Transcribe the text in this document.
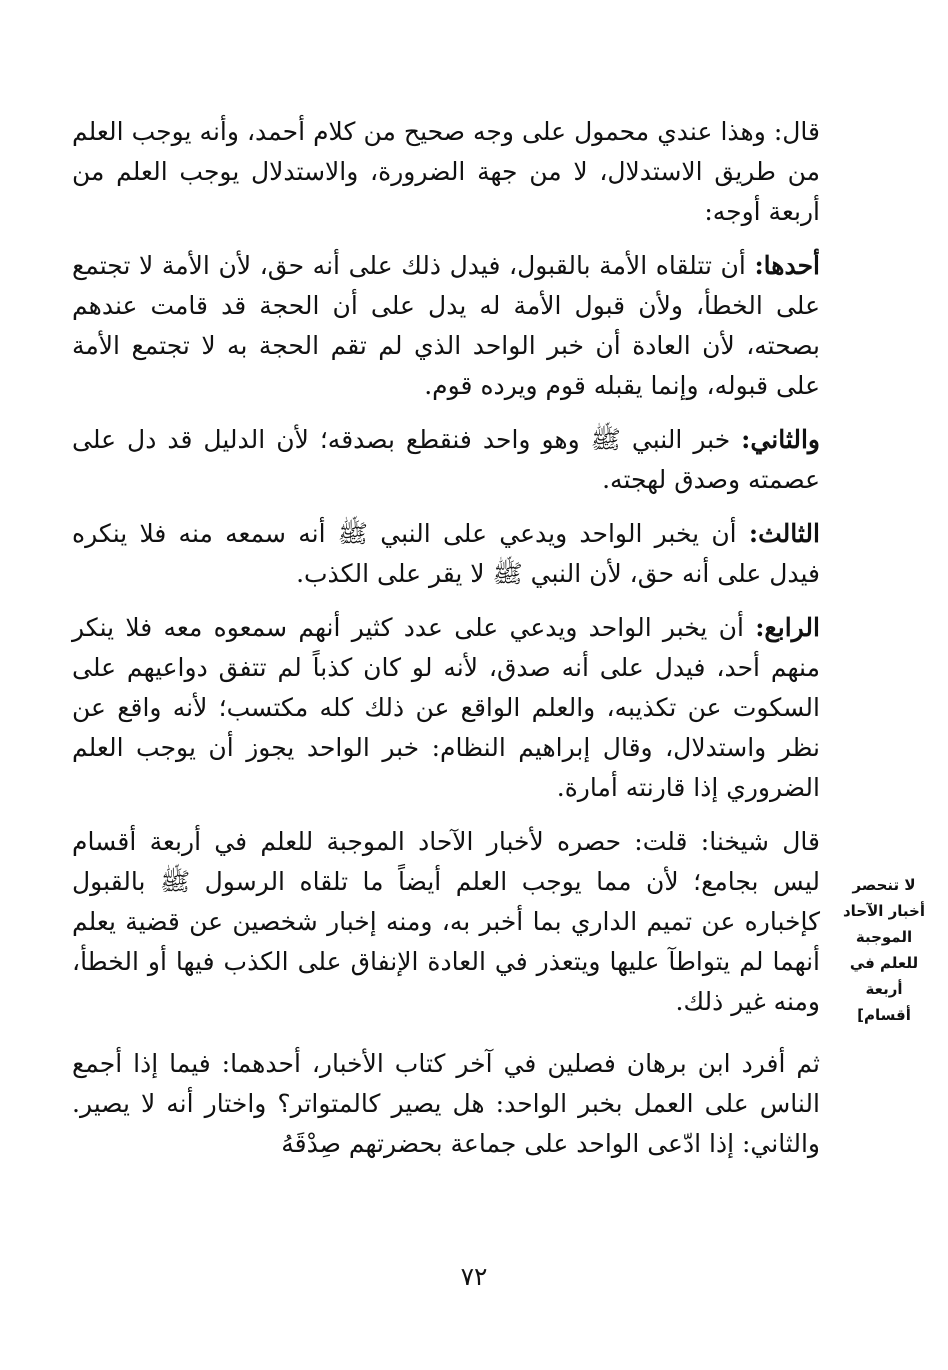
قال: وهذا عندي محمول على وجه صحيح من كلام أحمد، وأنه يوجب العلم من طريق الاستدلال، لا من جهة الضرورة، والاستدلال يوجب العلم من أربعة أوجه:

أحدها: أن تتلقاه الأمة بالقبول، فيدل ذلك على أنه حق، لأن الأمة لا تجتمع على الخطأ، ولأن قبول الأمة له يدل على أن الحجة قد قامت عندهم بصحته، لأن العادة أن خبر الواحد الذي لم تقم الحجة به لا تجتمع الأمة على قبوله، وإنما يقبله قوم ويرده قوم.

والثاني: خبر النبي ﷺ وهو واحد فنقطع بصدقه؛ لأن الدليل قد دل على عصمته وصدق لهجته.

الثالث: أن يخبر الواحد ويدعي على النبي ﷺ أنه سمعه منه فلا ينكره فيدل على أنه حق، لأن النبي ﷺ لا يقر على الكذب.

الرابع: أن يخبر الواحد ويدعي على عدد كثير أنهم سمعوه معه فلا ينكر منهم أحد، فيدل على أنه صدق، لأنه لو كان كذباً لم تتفق دواعيهم على السكوت عن تكذيبه، والعلم الواقع عن ذلك كله مكتسب؛ لأنه واقع عن نظر واستدلال، وقال إبراهيم النظام: خبر الواحد يجوز أن يوجب العلم الضروري إذا قارنته أمارة.

قال شيخنا: قلت: حصره لأخبار الآحاد الموجبة للعلم في أربعة أقسام ليس بجامع؛ لأن مما يوجب العلم أيضاً ما تلقاه الرسول ﷺ بالقبول كإخباره عن تميم الداري بما أخبر به، ومنه إخبار شخصين عن قضية يعلم أنهما لم يتواطآ عليها ويتعذر في العادة الإنفاق على الكذب فيها أو الخطأ، ومنه غير ذلك.

ثم أفرد ابن برهان فصلين في آخر كتاب الأخبار، أحدهما: فيما إذا أجمع الناس على العمل بخبر الواحد: هل يصير كالمتواتر؟ واختار أنه لا يصير. والثاني: إذا ادّعى الواحد على جماعة بحضرتهم صِدْقَهُ

لا تنحصر
أخبار الآحاد
الموجبة
للعلم في
أربعة
أقسام]
٧٢
